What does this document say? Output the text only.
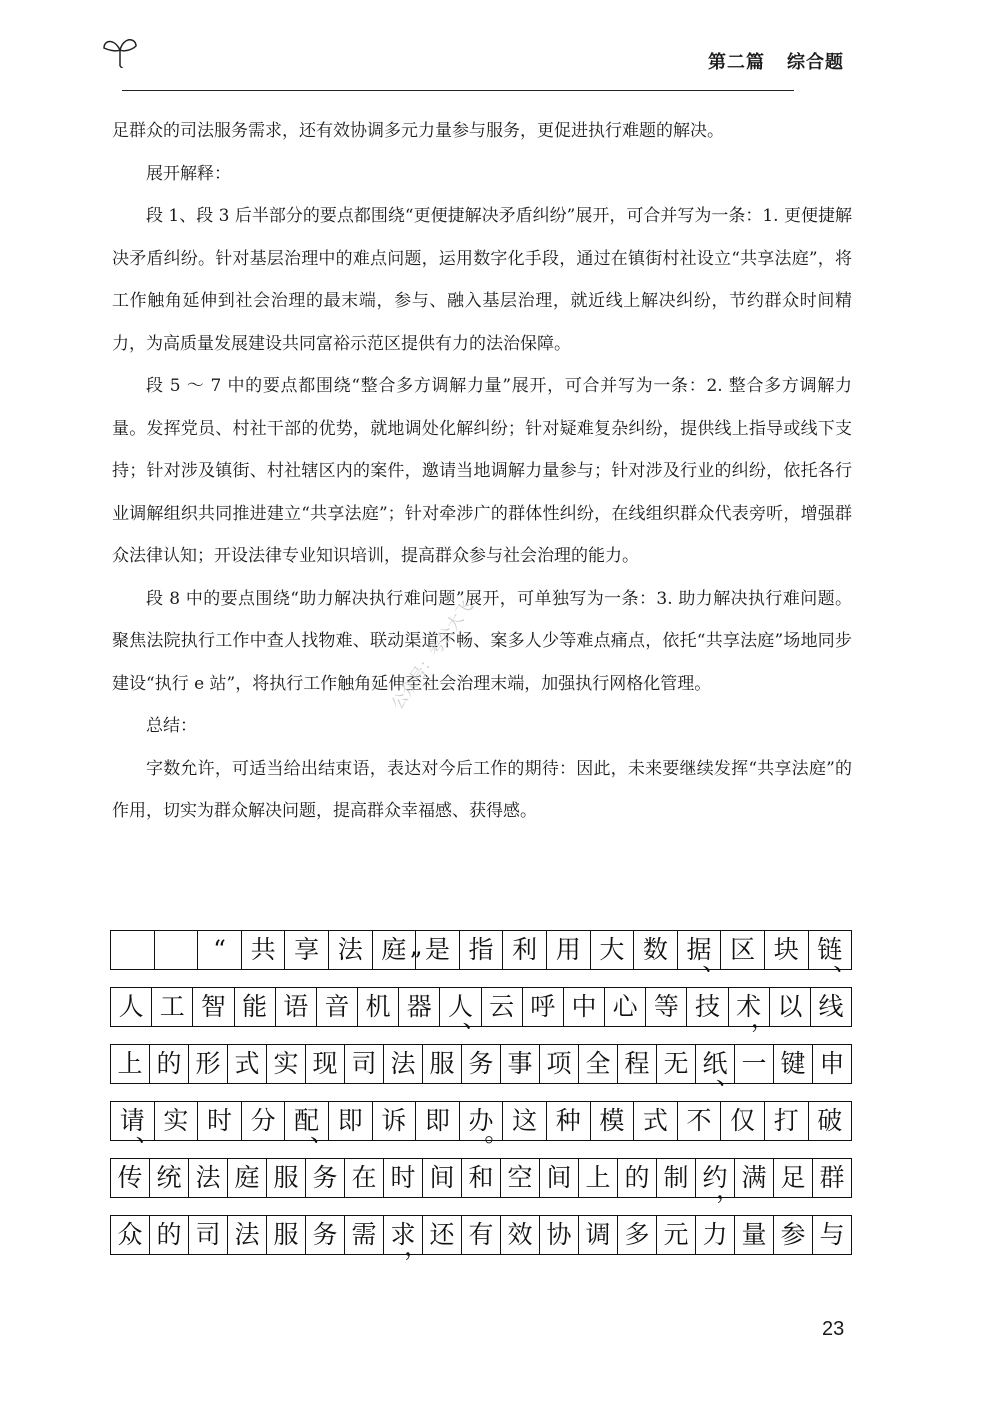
第二篇 综合题

足群众的司法服务需求，还有效协调多元力量参与服务，更促进执行难题的解决。

展开解释：

段 1、段 3 后半部分的要点都围绕“更便捷解决矛盾纠纷”展开，可合并写为一条：1. 更便捷解决矛盾纠纷。针对基层治理中的难点问题，运用数字化手段，通过在镇街村社设立“共享法庭”，将工作触角延伸到社会治理的最末端，参与、融入基层治理，就近线上解决纠纷，节约群众时间精力，为高质量发展建设共同富裕示范区提供有力的法治保障。

段 5 ～ 7 中的要点都围绕“整合多方调解力量”展开，可合并写为一条：2. 整合多方调解力量。发挥党员、村社干部的优势，就地调处化解纠纷；针对疑难复杂纠纷，提供线上指导或线下支持；针对涉及镇街、村社辖区内的案件，邀请当地调解力量参与；针对涉及行业的纠纷，依托各行业调解组织共同推进建立“共享法庭”；针对牵涉广的群体性纠纷，在线组织群众代表旁听，增强群众法律认知；开设法律专业知识培训，提高群众参与社会治理的能力。

段 8 中的要点围绕“助力解决执行难问题”展开，可单独写为一条：3. 助力解决执行难问题。聚焦法院执行工作中查人找物难、联动渠道不畅、案多人少等难点痛点，依托“共享法庭”场地同步建设“执行 e 站”，将执行工作触角延伸至社会治理末端，加强执行网格化管理。

总结：

字数允许，可适当给出结束语，表达对今后工作的期待：因此，未来要继续发挥“共享法庭”的作用，切实为群众解决问题，提高群众幸福感、获得感。

公众号：考公大飞
“ 共 享 法 庭 ” 是 指 利 用 大 数 据
、 区 块 链
、
人 工 智 能 语 音 机 器 人
、 云 呼 中 心 等 技 术
， 以 线
上 的 形 式 实 现 司 法 服 务 事 项 全 程 无 纸
、 一 键 申
请
、 实 时 分 配
、 即 诉 即 办
。 这 种 模 式 不 仅 打 破
传 统 法 庭 服 务 在 时 间 和 空 间 上 的 制 约
， 满 足 群
众 的 司 法 服 务 需 求
， 还 有 效 协 调 多 元 力 量 参 与
23
